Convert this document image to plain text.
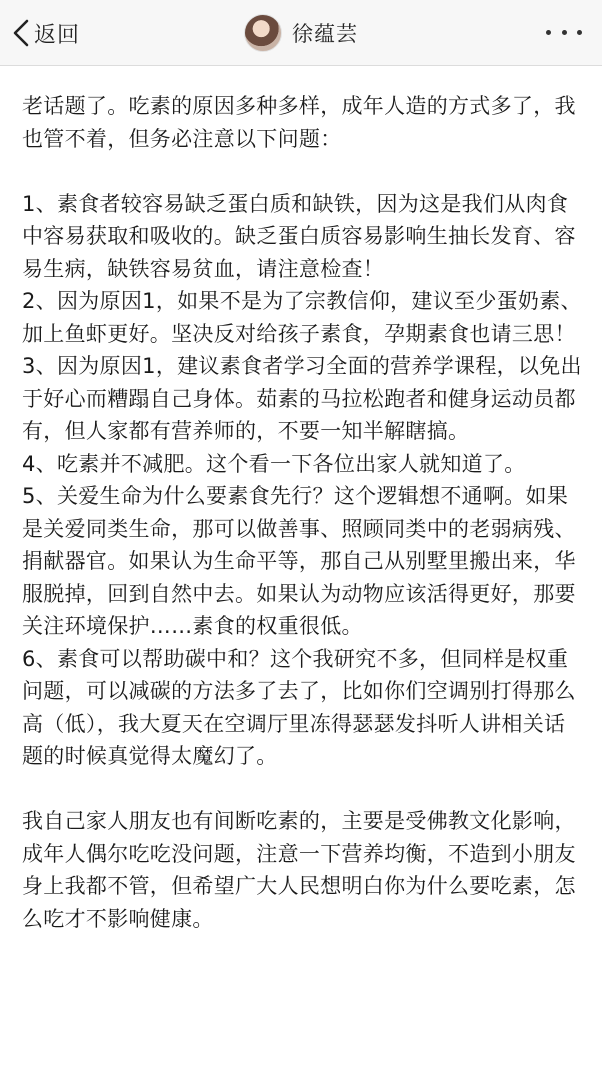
返回	徐蕴芸

老话题了。吃素的原因多种多样，成年人造的方式多了，我也管不着，但务必注意以下问题：

1、素食者较容易缺乏蛋白质和缺铁，因为这是我们从肉食中容易获取和吸收的。缺乏蛋白质容易影响生抽长发育、容易生病，缺铁容易贫血，请注意检查！

2、因为原因1，如果不是为了宗教信仰，建议至少蛋奶素、加上鱼虾更好。坚决反对给孩子素食，孕期素食也请三思！

3、因为原因1，建议素食者学习全面的营养学课程，以免出于好心而糟蹋自己身体。茹素的马拉松跑者和健身运动员都有，但人家都有营养师的，不要一知半解瞎搞。

4、吃素并不减肥。这个看一下各位出家人就知道了。

5、关爱生命为什么要素食先行？这个逻辑想不通啊。如果是关爱同类生命，那可以做善事、照顾同类中的老弱病残、捐献器官。如果认为生命平等，那自己从别墅里搬出来，华服脱掉，回到自然中去。如果认为动物应该活得更好，那要关注环境保护……素食的权重很低。

6、素食可以帮助碳中和？这个我研究不多，但同样是权重问题，可以减碳的方法多了去了，比如你们空调别打得那么高（低），我大夏天在空调厅里冻得瑟瑟发抖听人讲相关话题的时候真觉得太魔幻了。

我自己家人朋友也有间断吃素的，主要是受佛教文化影响，成年人偶尔吃吃没问题，注意一下营养均衡，不造到小朋友身上我都不管，但希望广大人民想明白你为什么要吃素，怎么吃才不影响健康。
